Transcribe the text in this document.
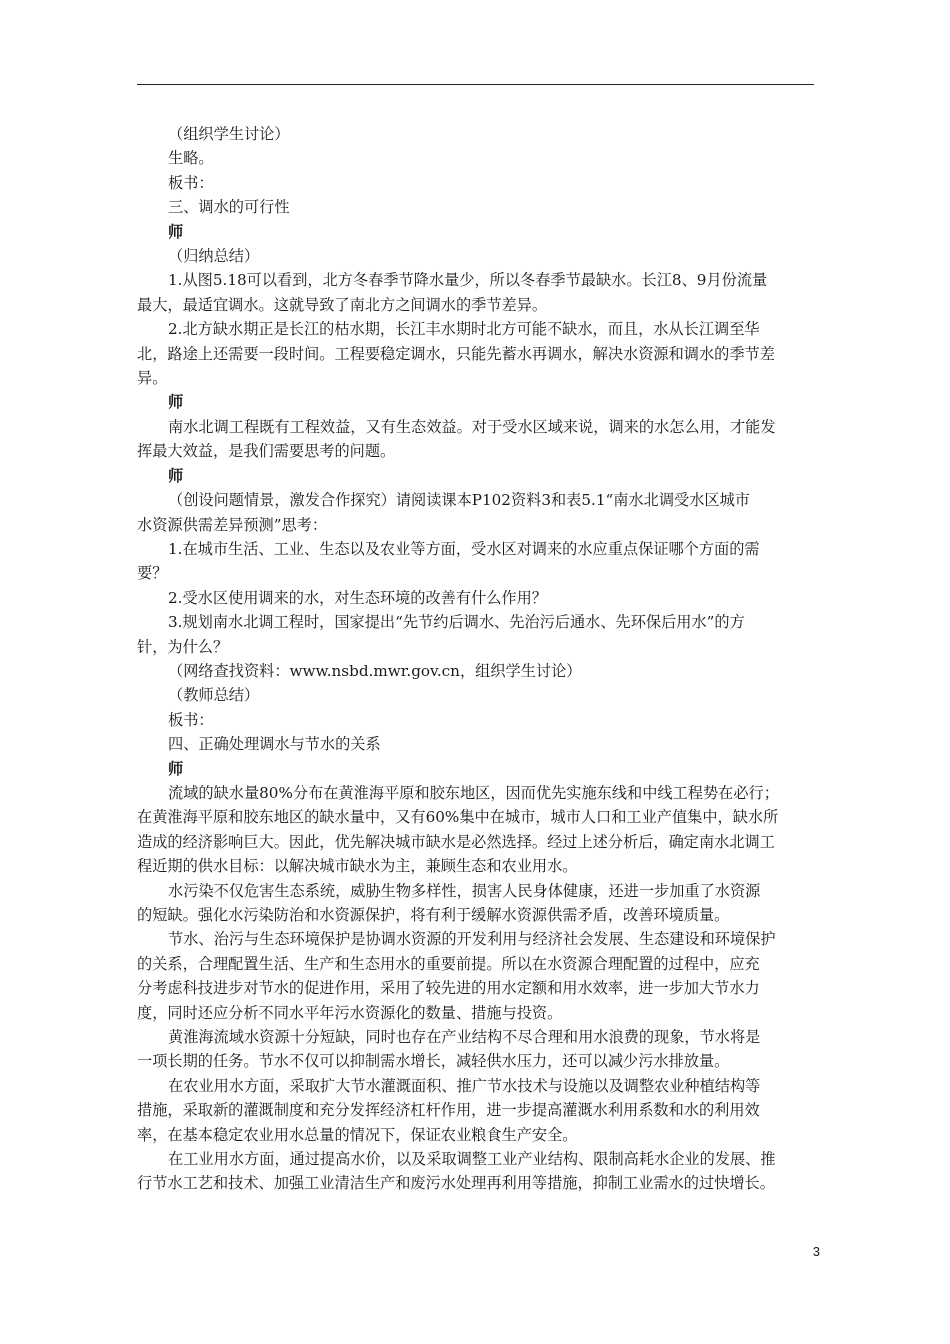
（组织学生讨论）
生略。
板书：
三、调水的可行性
师
（归纳总结）
1.从图5.18可以看到，北方冬春季节降水量少，所以冬春季节最缺水。长江8、9月份流量
最大，最适宜调水。这就导致了南北方之间调水的季节差异。
2.北方缺水期正是长江的枯水期，长江丰水期时北方可能不缺水，而且，水从长江调至华
北，路途上还需要一段时间。工程要稳定调水，只能先蓄水再调水，解决水资源和调水的季节差
异。
师
南水北调工程既有工程效益，又有生态效益。对于受水区域来说，调来的水怎么用，才能发
挥最大效益，是我们需要思考的问题。
师
（创设问题情景，激发合作探究）请阅读课本P102资料3和表5.1“南水北调受水区城市
水资源供需差异预测”思考：
1.在城市生活、工业、生态以及农业等方面，受水区对调来的水应重点保证哪个方面的需
要？
2.受水区使用调来的水，对生态环境的改善有什么作用？
3.规划南水北调工程时，国家提出“先节约后调水、先治污后通水、先环保后用水”的方
针，为什么？
（网络查找资料：www.nsbd.mwr.gov.cn，组织学生讨论）
（教师总结）
板书：
四、正确处理调水与节水的关系
师
流域的缺水量80%分布在黄淮海平原和胶东地区，因而优先实施东线和中线工程势在必行；
在黄淮海平原和胶东地区的缺水量中，又有60%集中在城市，城市人口和工业产值集中，缺水所
造成的经济影响巨大。因此，优先解决城市缺水是必然选择。经过上述分析后，确定南水北调工
程近期的供水目标：以解决城市缺水为主，兼顾生态和农业用水。
水污染不仅危害生态系统，威胁生物多样性，损害人民身体健康，还进一步加重了水资源
的短缺。强化水污染防治和水资源保护，将有利于缓解水资源供需矛盾，改善环境质量。
节水、治污与生态环境保护是协调水资源的开发利用与经济社会发展、生态建设和环境保护
的关系，合理配置生活、生产和生态用水的重要前提。所以在水资源合理配置的过程中，应充
分考虑科技进步对节水的促进作用，采用了较先进的用水定额和用水效率，进一步加大节水力
度，同时还应分析不同水平年污水资源化的数量、措施与投资。
黄淮海流域水资源十分短缺，同时也存在产业结构不尽合理和用水浪费的现象，节水将是
一项长期的任务。节水不仅可以抑制需水增长，减轻供水压力，还可以减少污水排放量。
在农业用水方面，采取扩大节水灌溉面积、推广节水技术与设施以及调整农业种植结构等
措施，采取新的灌溉制度和充分发挥经济杠杆作用，进一步提高灌溉水利用系数和水的利用效
率，在基本稳定农业用水总量的情况下，保证农业粮食生产安全。
在工业用水方面，通过提高水价，以及采取调整工业产业结构、限制高耗水企业的发展、推
行节水工艺和技术、加强工业清洁生产和废污水处理再利用等措施，抑制工业需水的过快增长。
3
